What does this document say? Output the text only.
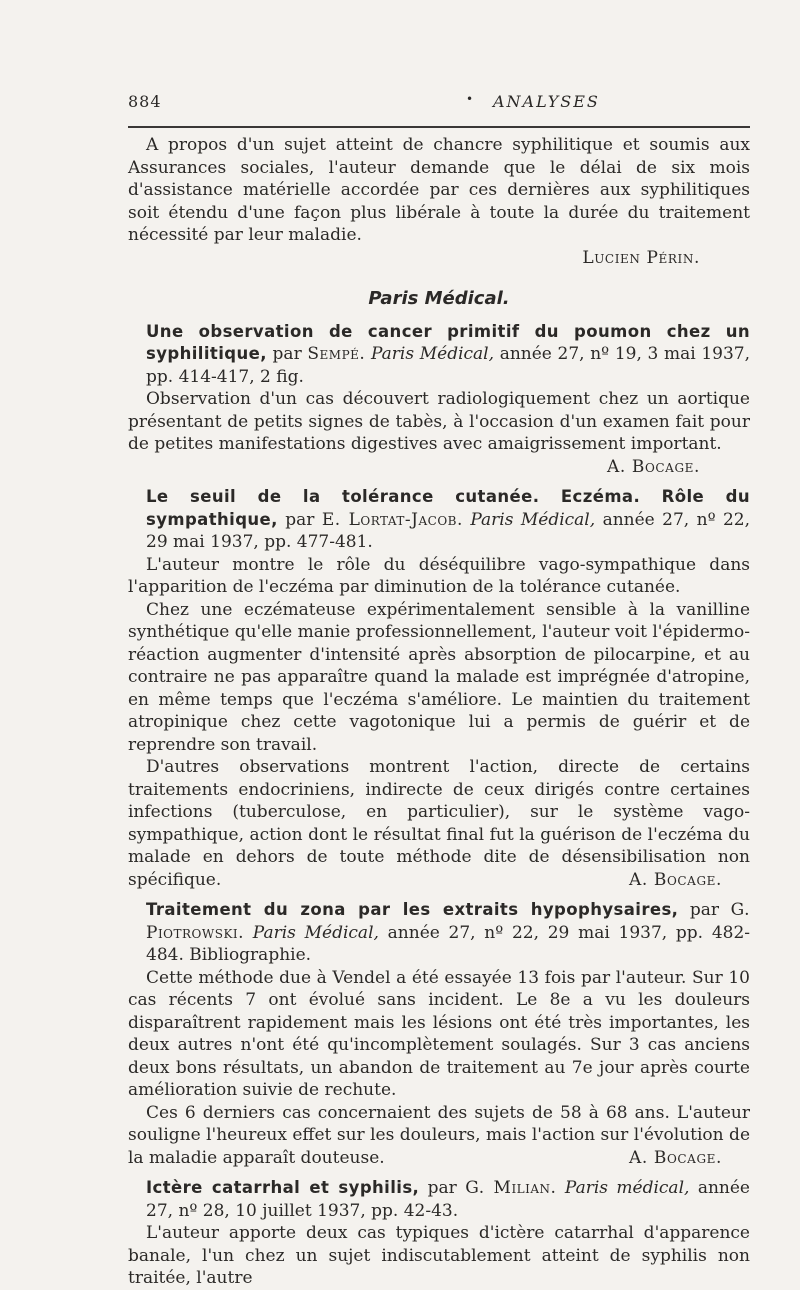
884	• ANALYSES

A propos d'un sujet atteint de chancre syphilitique et soumis aux Assurances sociales, l'auteur demande que le délai de six mois d'assistance matérielle accordée par ces dernières aux syphilitiques soit étendu d'une façon plus libérale à toute la durée du traitement nécessité par leur maladie.

Lucien Périn.
Paris Médical.

Une observation de cancer primitif du poumon chez un syphilitique, par Sempé. Paris Médical, année 27, nº 19, 3 mai 1937, pp. 414-417, 2 fig.

Observation d'un cas découvert radiologiquement chez un aortique présentant de petits signes de tabès, à l'occasion d'un examen fait pour de petites manifestations digestives avec amaigrissement important.

A. Bocage.

Le seuil de la tolérance cutanée. Eczéma. Rôle du sympathique, par E. Lortat-Jacob. Paris Médical, année 27, nº 22, 29 mai 1937, pp. 477-481.

L'auteur montre le rôle du déséquilibre vago-sympathique dans l'apparition de l'eczéma par diminution de la tolérance cutanée.

Chez une eczémateuse expérimentalement sensible à la vanilline synthétique qu'elle manie professionnellement, l'auteur voit l'épidermo-réaction augmenter d'intensité après absorption de pilocarpine, et au contraire ne pas apparaître quand la malade est imprégnée d'atropine, en même temps que l'eczéma s'améliore. Le maintien du traitement atropinique chez cette vagotonique lui a permis de guérir et de reprendre son travail.

D'autres observations montrent l'action, directe de certains traitements endocriniens, indirecte de ceux dirigés contre certaines infections (tuberculose, en particulier), sur le système vago-sympathique, action dont le résultat final fut la guérison de l'eczéma du malade en dehors de toute méthode dite de désensibilisation non spécifique.	A. Bocage.

Traitement du zona par les extraits hypophysaires, par G. Piotrowski. Paris Médical, année 27, nº 22, 29 mai 1937, pp. 482-484. Bibliographie.

Cette méthode due à Vendel a été essayée 13 fois par l'auteur. Sur 10 cas récents 7 ont évolué sans incident. Le 8e a vu les douleurs disparaîtrent rapidement mais les lésions ont été très importantes, les deux autres n'ont été qu'incomplètement soulagés. Sur 3 cas anciens deux bons résultats, un abandon de traitement au 7e jour après courte amélioration suivie de rechute.

Ces 6 derniers cas concernaient des sujets de 58 à 68 ans. L'auteur souligne l'heureux effet sur les douleurs, mais l'action sur l'évolution de la maladie apparaît douteuse.	A. Bocage.

Ictère catarrhal et syphilis, par G. Milian. Paris médical, année 27, nº 28, 10 juillet 1937, pp. 42-43.

L'auteur apporte deux cas typiques d'ictère catarrhal d'apparence banale, l'un chez un sujet indiscutablement atteint de syphilis non traitée, l'autre
